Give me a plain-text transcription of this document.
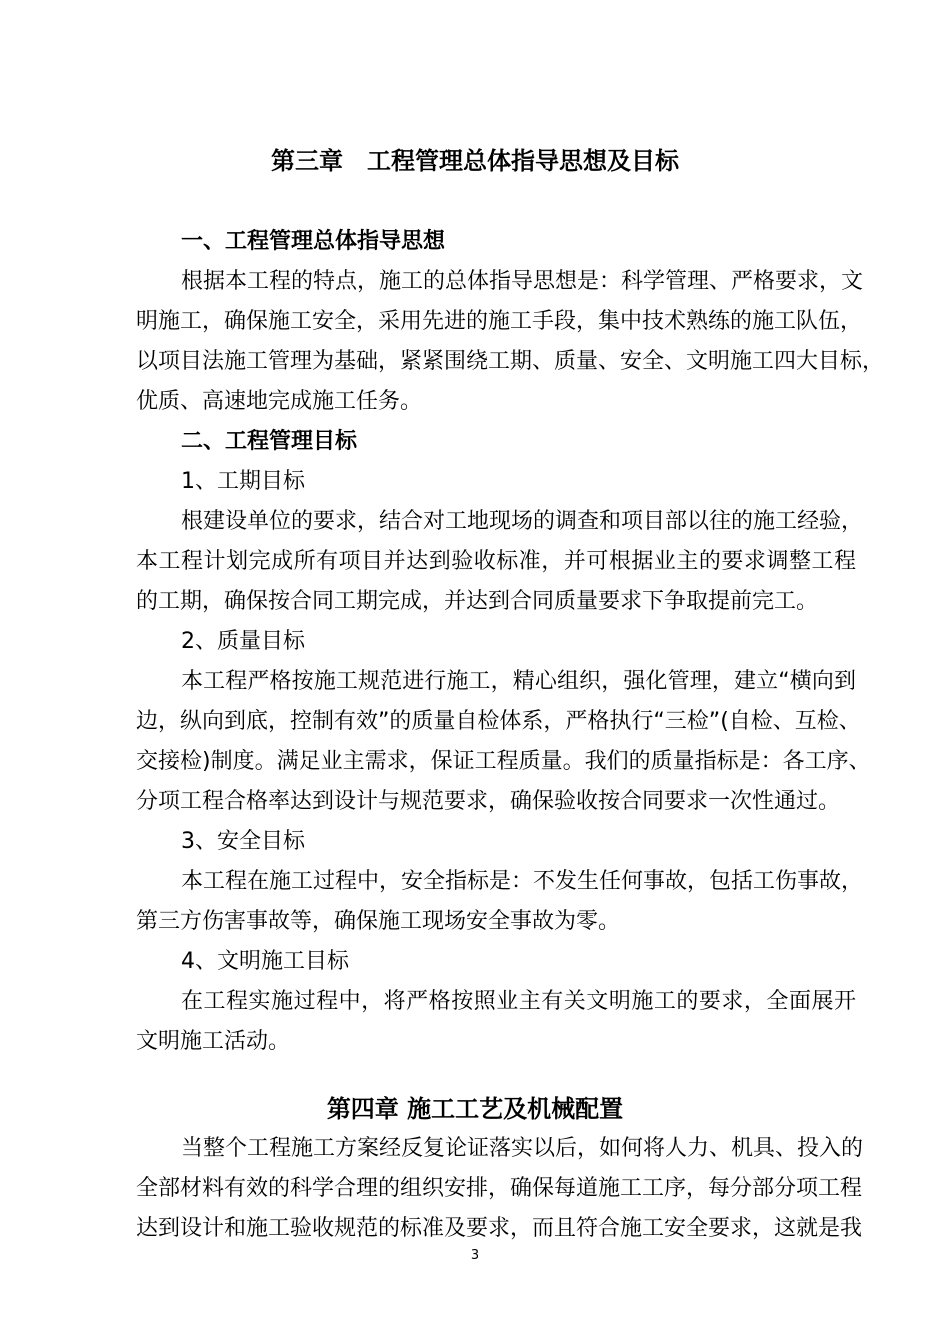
第三章　工程管理总体指导思想及目标
一、工程管理总体指导思想
根据本工程的特点，施工的总体指导思想是：科学管理、严格要求，文
明施工，确保施工安全，采用先进的施工手段，集中技术熟练的施工队伍，
以项目法施工管理为基础，紧紧围绕工期、质量、安全、文明施工四大目标，
优质、高速地完成施工任务。
二、工程管理目标
1、工期目标
根建设单位的要求，结合对工地现场的调查和项目部以往的施工经验，
本工程计划完成所有项目并达到验收标准，并可根据业主的要求调整工程
的工期，确保按合同工期完成，并达到合同质量要求下争取提前完工。
2、质量目标
本工程严格按施工规范进行施工，精心组织，强化管理，建立“横向到
边，纵向到底，控制有效”的质量自检体系，严格执行“三检”(自检、互检、
交接检)制度。满足业主需求，保证工程质量。我们的质量指标是：各工序、
分项工程合格率达到设计与规范要求，确保验收按合同要求一次性通过。
3、安全目标
本工程在施工过程中，安全指标是：不发生任何事故，包括工伤事故，
第三方伤害事故等，确保施工现场安全事故为零。
4、文明施工目标
在工程实施过程中，将严格按照业主有关文明施工的要求，全面展开
文明施工活动。
第四章 施工工艺及机械配置
当整个工程施工方案经反复论证落实以后，如何将人力、机具、投入的
全部材料有效的科学合理的组织安排，确保每道施工工序，每分部分项工程
达到设计和施工验收规范的标准及要求，而且符合施工安全要求，这就是我
3
